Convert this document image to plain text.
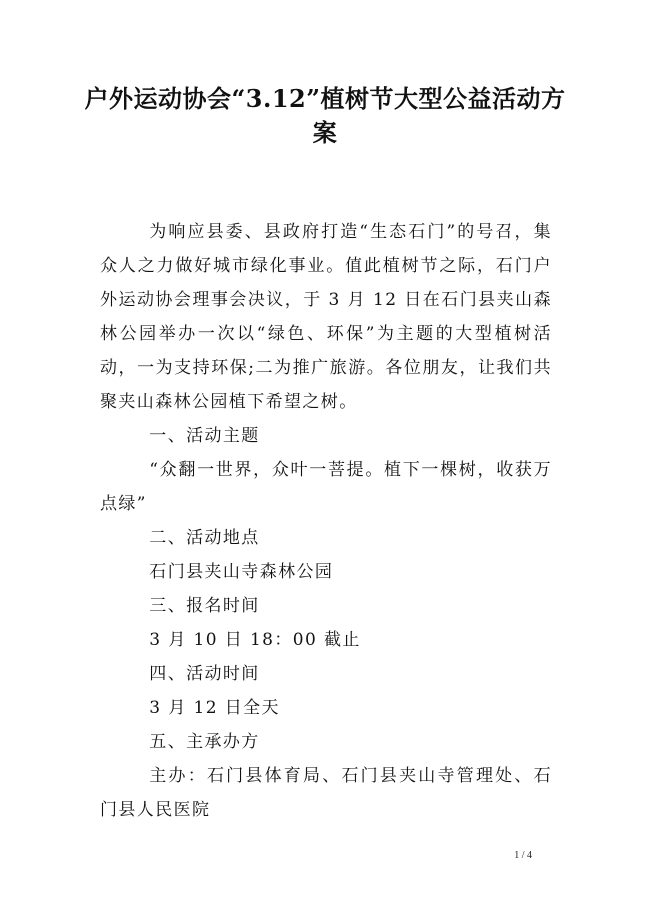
户外运动协会“3.12”植树节大型公益活动方案

为响应县委、县政府打造“生态石门”的号召，集众人之力做好城市绿化事业。值此植树节之际，石门户外运动协会理事会决议，于 3 月 12 日在石门县夹山森林公园举办一次以“绿色、环保”为主题的大型植树活动，一为支持环保;二为推广旅游。各位朋友，让我们共聚夹山森林公园植下希望之树。

一、活动主题

“众翻一世界，众叶一菩提。植下一棵树，收获万点绿”

二、活动地点

石门县夹山寺森林公园

三、报名时间

3 月 10 日 18：00 截止

四、活动时间

3 月 12 日全天

五、主承办方

主办：石门县体育局、石门县夹山寺管理处、石门县人民医院

1 / 4
